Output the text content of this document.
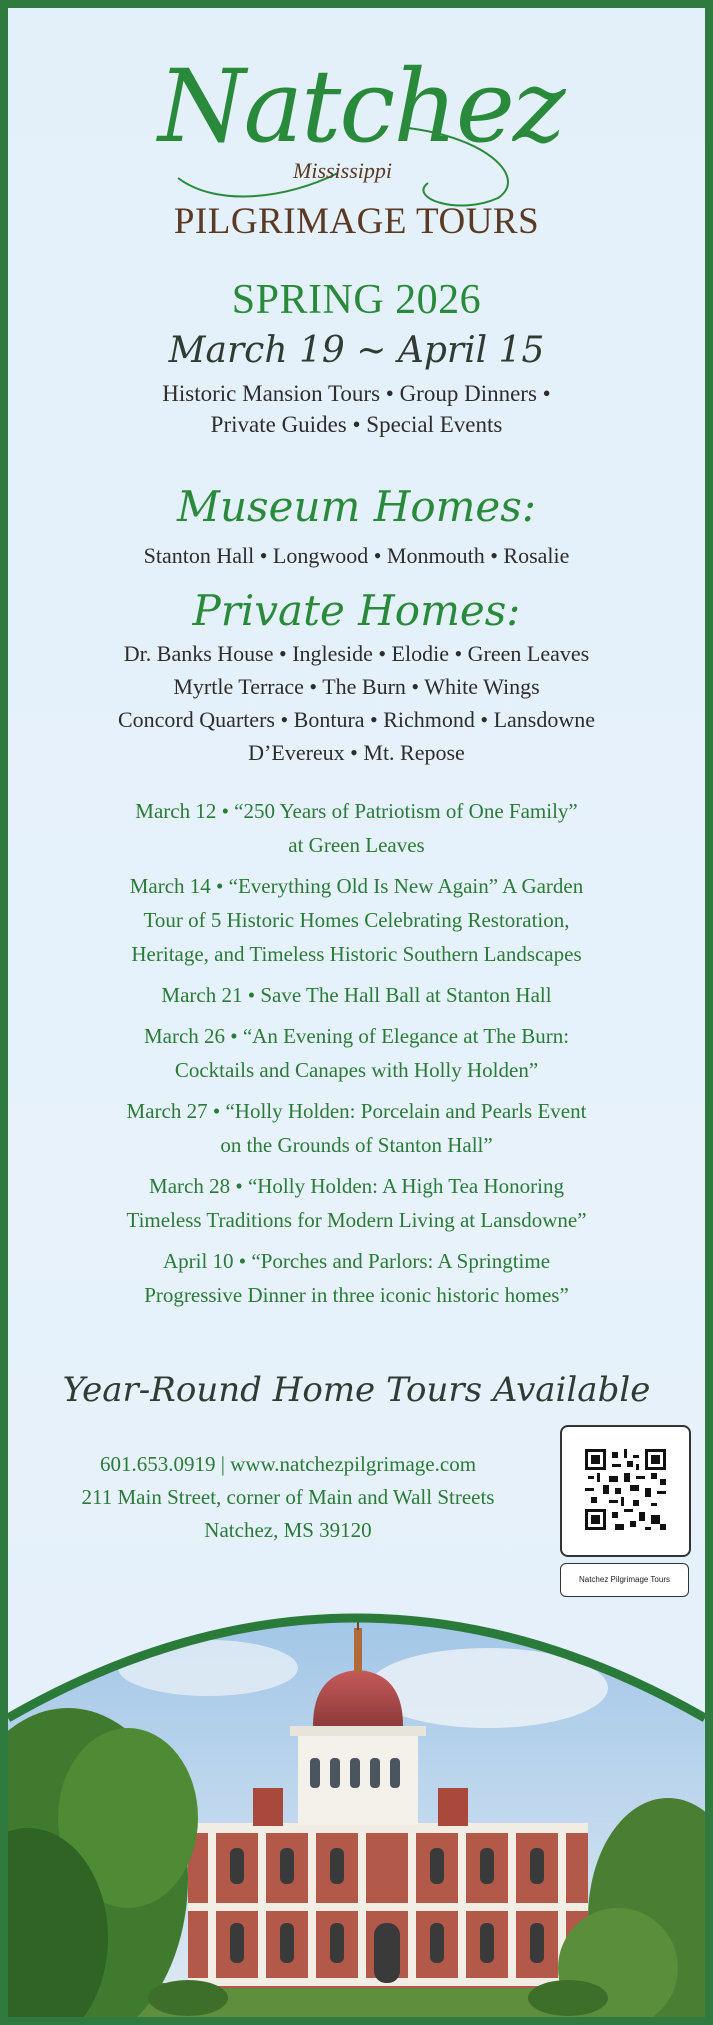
Natchez
Mississippi
PILGRIMAGE TOURS
SPRING 2026
March 19 ~ April 15
Historic Mansion Tours • Group Dinners •
Private Guides • Special Events
Museum Homes:
Stanton Hall • Longwood • Monmouth • Rosalie
Private Homes:
Dr. Banks House • Ingleside • Elodie • Green Leaves
Myrtle Terrace • The Burn • White Wings
Concord Quarters • Bontura • Richmond • Lansdowne
D’Evereux • Mt. Repose
March 12 • “250 Years of Patriotism of One Family”
at Green Leaves
March 14 • “Everything Old Is New Again” A Garden
Tour of 5 Historic Homes Celebrating Restoration,
Heritage, and Timeless Historic Southern Landscapes
March 21 • Save The Hall Ball at Stanton Hall
March 26 • “An Evening of Elegance at The Burn:
Cocktails and Canapes with Holly Holden”
March 27 • “Holly Holden: Porcelain and Pearls Event
on the Grounds of Stanton Hall”
March 28 • “Holly Holden: A High Tea Honoring
Timeless Traditions for Modern Living at Lansdowne”
April 10 • “Porches and Parlors: A Springtime
Progressive Dinner in three iconic historic homes”
Year-Round Home Tours Available
601.653.0919 | www.natchezpilgrimage.com
211 Main Street, corner of Main and Wall Streets
Natchez, MS 39120
Natchez Pilgrimage Tours
